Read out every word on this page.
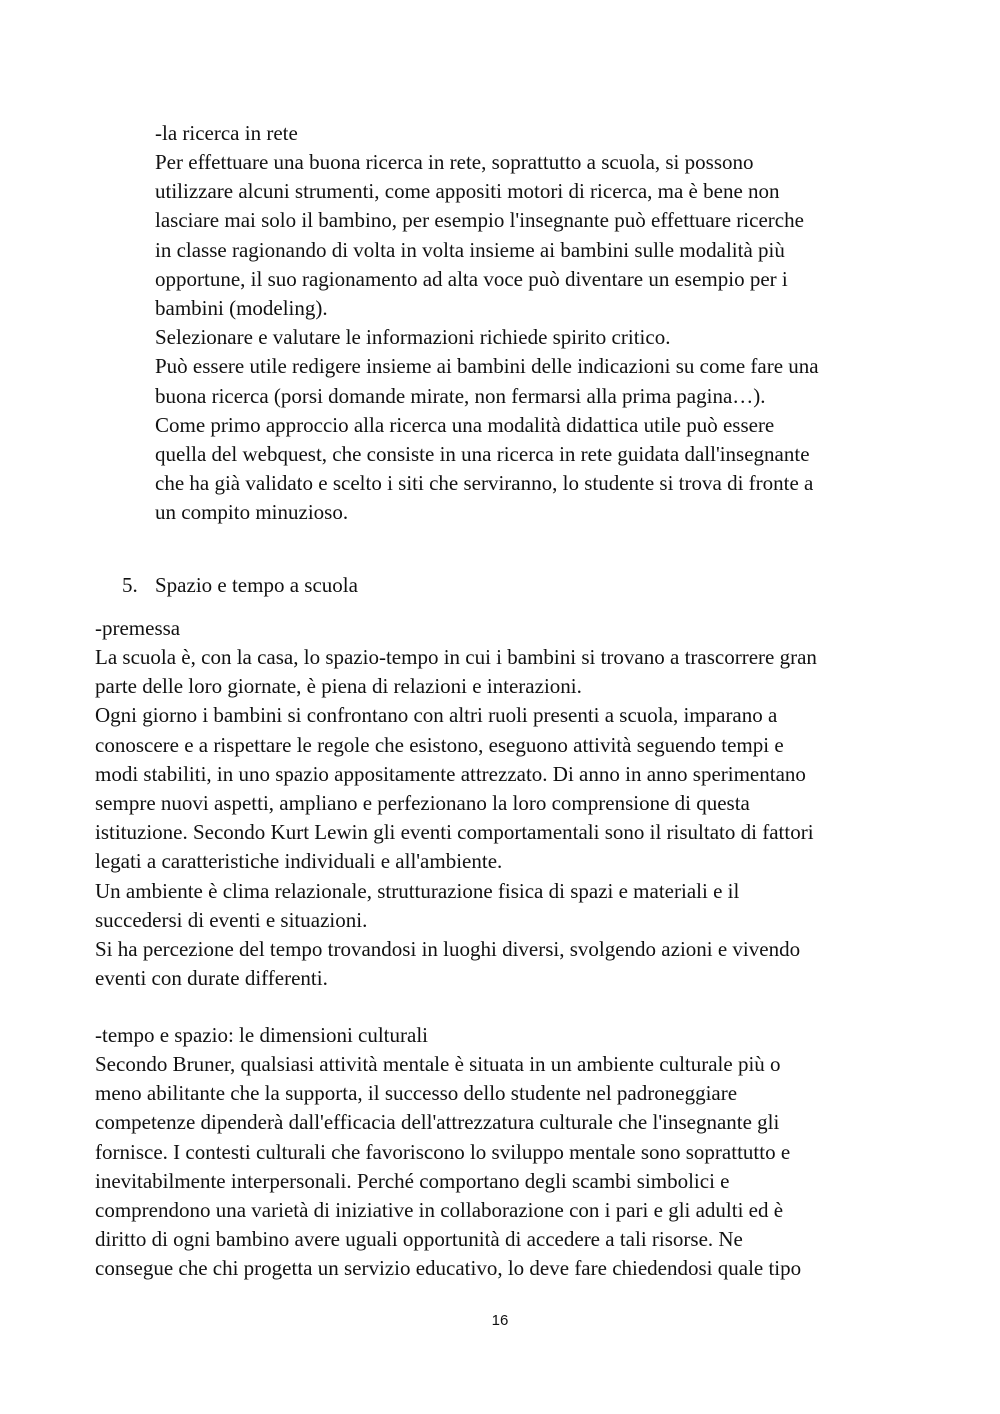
-la ricerca in rete

Per effettuare una buona ricerca in rete, soprattutto a scuola, si possono
utilizzare alcuni strumenti, come appositi motori di ricerca, ma è bene non
lasciare mai solo il bambino, per esempio l'insegnante può effettuare ricerche
in classe ragionando di volta in volta insieme ai bambini sulle modalità più
opportune, il suo ragionamento ad alta voce può diventare un esempio per i
bambini (modeling).
Selezionare e valutare le informazioni richiede spirito critico.
Può essere utile redigere insieme ai bambini delle indicazioni su come fare una
buona ricerca (porsi domande mirate, non fermarsi alla prima pagina…).
Come primo approccio alla ricerca una modalità didattica utile può essere
quella del webquest, che consiste in una ricerca in rete guidata dall'insegnante
che ha già validato e scelto i siti che serviranno, lo studente si trova di fronte a
un compito minuzioso.
5. Spazio e tempo a scuola

-premessa

La scuola è, con la casa, lo spazio-tempo in cui i bambini si trovano a trascorrere gran
parte delle loro giornate, è piena di relazioni e interazioni.
Ogni giorno i bambini si confrontano con altri ruoli presenti a scuola, imparano a
conoscere e a rispettare le regole che esistono, eseguono attività seguendo tempi e
modi stabiliti, in uno spazio appositamente attrezzato. Di anno in anno sperimentano
sempre nuovi aspetti, ampliano e perfezionano la loro comprensione di questa
istituzione. Secondo Kurt Lewin gli eventi comportamentali sono il risultato di fattori
legati a caratteristiche individuali e all'ambiente.
Un ambiente è clima relazionale, strutturazione fisica di spazi e materiali e il
succedersi di eventi e situazioni.
Si ha percezione del tempo trovandosi in luoghi diversi, svolgendo azioni e vivendo
eventi con durate differenti.

-tempo e spazio: le dimensioni culturali

Secondo Bruner, qualsiasi attività mentale è situata in un ambiente culturale più o
meno abilitante che la supporta, il successo dello studente nel padroneggiare
competenze dipenderà dall'efficacia dell'attrezzatura culturale che l'insegnante gli
fornisce. I contesti culturali che favoriscono lo sviluppo mentale sono soprattutto e
inevitabilmente interpersonali. Perché comportano degli scambi simbolici e
comprendono una varietà di iniziative in collaborazione con i pari e gli adulti ed è
diritto di ogni bambino avere uguali opportunità di accedere a tali risorse. Ne
consegue che chi progetta un servizio educativo, lo deve fare chiedendosi quale tipo
16
